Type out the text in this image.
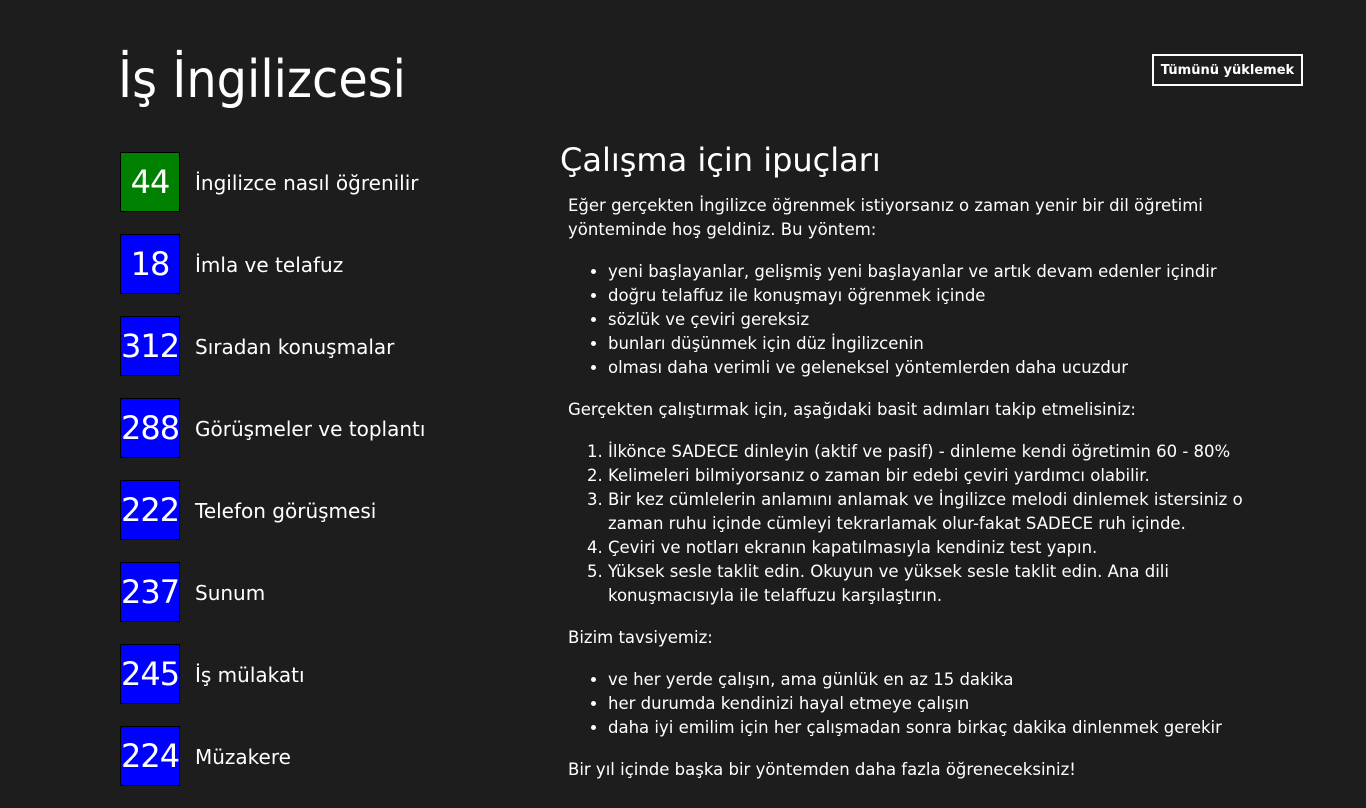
İş İngilizcesi	Tümünü yüklemek
44	İngilizce nasıl öğrenilir
18	İmla ve telafuz
312 Sıradan konuşmalar
288 Görüşmeler ve toplantı
222 Telefon görüşmesi
237 Sunum
245 İş mülakatı
224 Müzakere
Çalışma için ipuçları

Eğer gerçekten İngilizce öğrenmek istiyorsanız o zaman yenir bir dil öğretimi yönteminde hoş geldiniz. Bu yöntem:

• yeni başlayanlar, gelişmiş yeni başlayanlar ve artık devam edenler içindir
• doğru telaffuz ile konuşmayı öğrenmek içinde
• sözlük ve çeviri gereksiz
• bunları düşünmek için düz İngilizcenin
• olması daha verimli ve geleneksel yöntemlerden daha ucuzdur

Gerçekten çalıştırmak için, aşağıdaki basit adımları takip etmelisiniz:

1. İlkönce SADECE dinleyin (aktif ve pasif) - dinleme kendi öğretimin 60 - 80%
2. Kelimeleri bilmiyorsanız o zaman bir edebi çeviri yardımcı olabilir.
3. Bir kez cümlelerin anlamını anlamak ve İngilizce melodi dinlemek istersiniz o zaman ruhu içinde cümleyi tekrarlamak olur-fakat SADECE ruh içinde.
4. Çeviri ve notları ekranın kapatılmasıyla kendiniz test yapın.
5. Yüksek sesle taklit edin. Okuyun ve yüksek sesle taklit edin. Ana dili konuşmacısıyla ile telaffuzu karşılaştırın.

Bizim tavsiyemiz:

• ve her yerde çalışın, ama günlük en az 15 dakika
• her durumda kendinizi hayal etmeye çalışın
• daha iyi emilim için her çalışmadan sonra birkaç dakika dinlenmek gerekir

Bir yıl içinde başka bir yöntemden daha fazla öğreneceksiniz!
